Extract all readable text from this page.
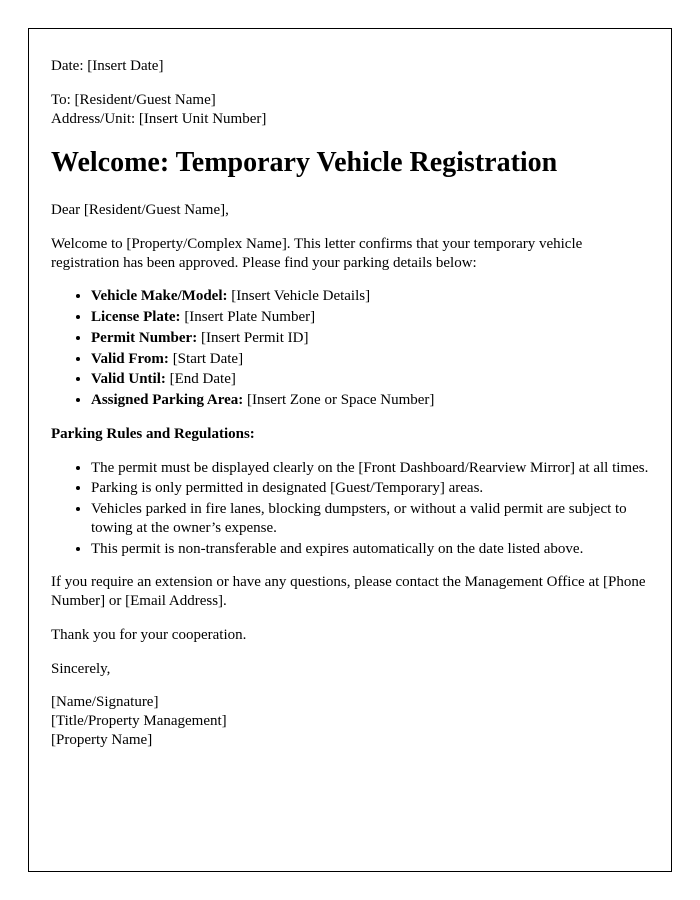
Date: [Insert Date]

To: [Resident/Guest Name]
Address/Unit: [Insert Unit Number]
Welcome: Temporary Vehicle Registration

Dear [Resident/Guest Name],

Welcome to [Property/Complex Name]. This letter confirms that your temporary vehicle registration has been approved. Please find your parking details below:

• Vehicle Make/Model: [Insert Vehicle Details]
• License Plate: [Insert Plate Number]
• Permit Number: [Insert Permit ID]
• Valid From: [Start Date]
• Valid Until: [End Date]
• Assigned Parking Area: [Insert Zone or Space Number]

Parking Rules and Regulations:

• The permit must be displayed clearly on the [Front Dashboard/Rearview Mirror] at all times.
• Parking is only permitted in designated [Guest/Temporary] areas.
• Vehicles parked in fire lanes, blocking dumpsters, or without a valid permit are subject to towing at the owner’s expense.
• This permit is non-transferable and expires automatically on the date listed above.

If you require an extension or have any questions, please contact the Management Office at [Phone Number] or [Email Address].

Thank you for your cooperation.

Sincerely,

[Name/Signature]
[Title/Property Management]
[Property Name]
